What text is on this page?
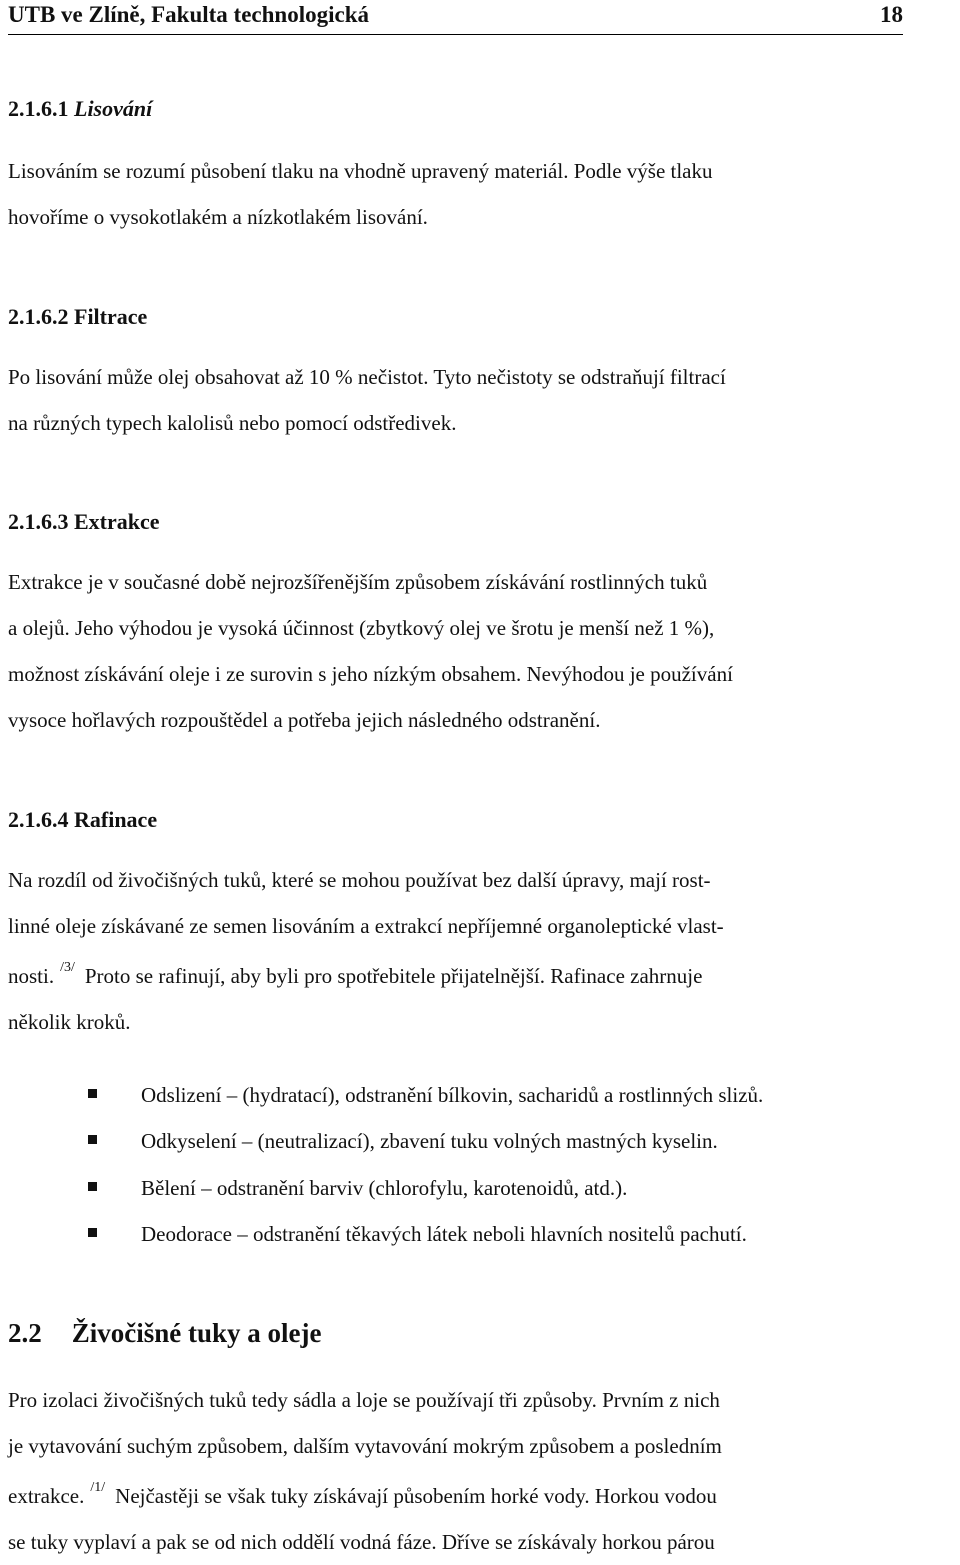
UTB ve Zlíně, Fakulta technologická	18
2.1.6.1 Lisování
Lisováním se rozumí působení tlaku na vhodně upravený materiál. Podle výše tlaku
hovoříme o vysokotlakém a nízkotlakém lisování.
2.1.6.2 Filtrace
Po lisování může olej obsahovat až 10 % nečistot. Tyto nečistoty se odstraňují filtrací
na různých typech kalolisů nebo pomocí odstředivek.
2.1.6.3 Extrakce
Extrakce je v současné době nejrozšířenějším způsobem získávání rostlinných tuků
a olejů. Jeho výhodou je vysoká účinnost (zbytkový olej ve šrotu je menší než 1 %),
možnost získávání oleje i ze surovin s jeho nízkým obsahem. Nevýhodou je používání
vysoce hořlavých rozpouštědel a potřeba jejich následného odstranění.
2.1.6.4 Rafinace
Na rozdíl od živočišných tuků, které se mohou používat bez další úpravy, mají rost-
linné oleje získávané ze semen lisováním a extrakcí nepříjemné organoleptické vlast-
nosti. $^{/3/}$ Proto se rafinují, aby byli pro spotřebitele přijatelnější. Rafinace zahrnuje
několik kroků.
Odslizení – (hydratací), odstranění bílkovin, sacharidů a rostlinných slizů.
Odkyselení – (neutralizací), zbavení tuku volných mastných kyselin.
Bělení – odstranění barviv (chlorofylu, karotenoidů, atd.).
Deodorace – odstranění těkavých látek neboli hlavních nositelů pachutí.
2.2 Živočišné tuky a oleje
Pro izolaci živočišných tuků tedy sádla a loje se používají tři způsoby. Prvním z nich
je vytavování suchým způsobem, dalším vytavování mokrým způsobem a posledním
extrakce. $^{/1/}$ Nejčastěji se však tuky získávají působením horké vody. Horkou vodou
se tuky vyplaví a pak se od nich oddělí vodná fáze. Dříve se získávaly horkou párou
